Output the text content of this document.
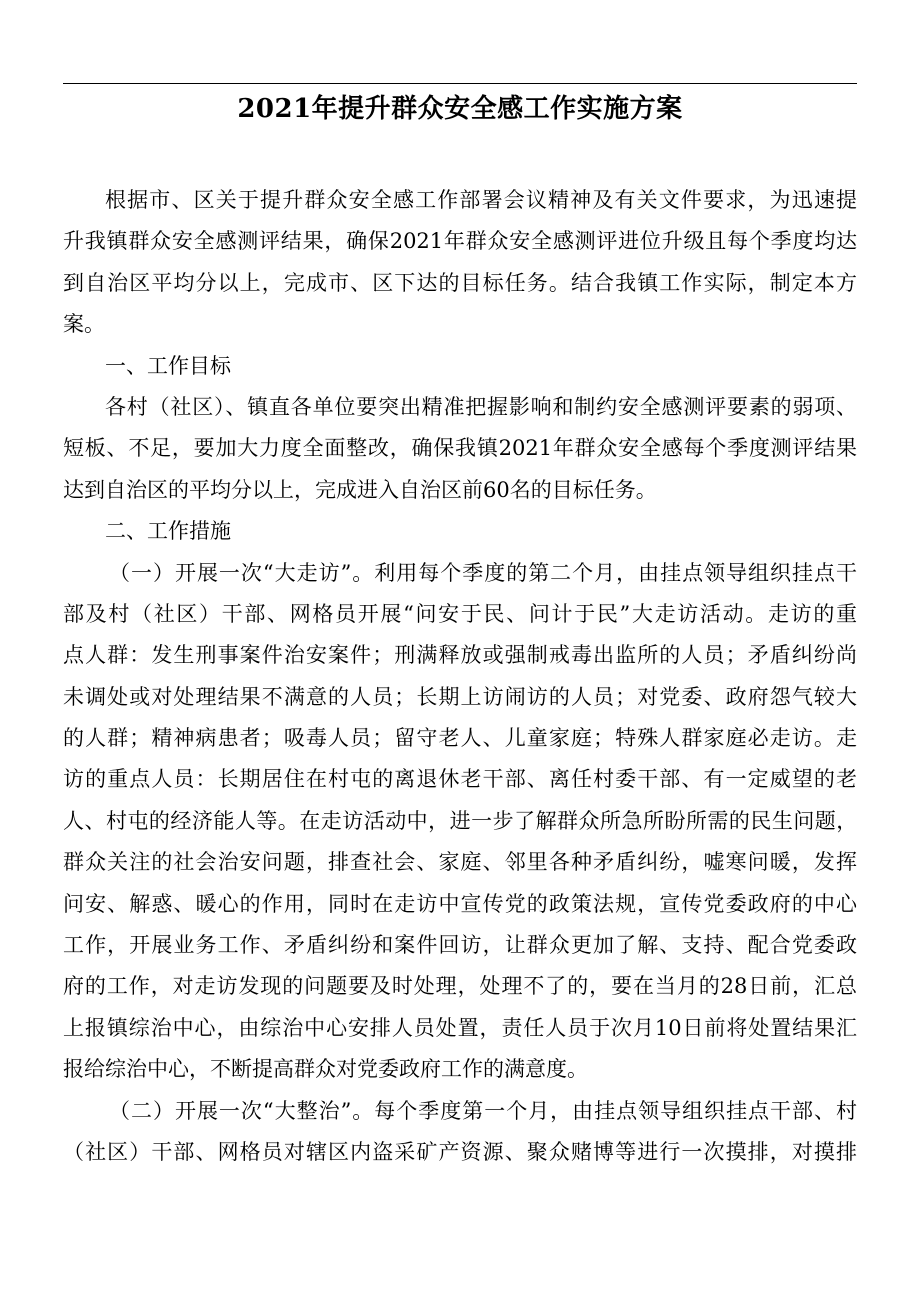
2021年提升群众安全感工作实施方案
根据市、区关于提升群众安全感工作部署会议精神及有关文件要求，为迅速提
升我镇群众安全感测评结果，确保2021年群众安全感测评进位升级且每个季度均达
到自治区平均分以上，完成市、区下达的目标任务。结合我镇工作实际，制定本方
案。
一、工作目标
各村（社区）、镇直各单位要突出精准把握影响和制约安全感测评要素的弱项、
短板、不足，要加大力度全面整改，确保我镇2021年群众安全感每个季度测评结果
达到自治区的平均分以上，完成进入自治区前60名的目标任务。
二、工作措施
（一）开展一次“大走访”。利用每个季度的第二个月，由挂点领导组织挂点干
部及村（社区）干部、网格员开展“问安于民、问计于民”大走访活动。走访的重
点人群：发生刑事案件治安案件；刑满释放或强制戒毒出监所的人员；矛盾纠纷尚
未调处或对处理结果不满意的人员；长期上访闹访的人员；对党委、政府怨气较大
的人群；精神病患者；吸毒人员；留守老人、儿童家庭；特殊人群家庭必走访。走
访的重点人员：长期居住在村屯的离退休老干部、离任村委干部、有一定威望的老
人、村屯的经济能人等。在走访活动中，进一步了解群众所急所盼所需的民生问题，
群众关注的社会治安问题，排查社会、家庭、邻里各种矛盾纠纷，嘘寒问暖，发挥
问安、解惑、暖心的作用，同时在走访中宣传党的政策法规，宣传党委政府的中心
工作，开展业务工作、矛盾纠纷和案件回访，让群众更加了解、支持、配合党委政
府的工作，对走访发现的问题要及时处理，处理不了的，要在当月的28日前，汇总
上报镇综治中心，由综治中心安排人员处置，责任人员于次月10日前将处置结果汇
报给综治中心，不断提高群众对党委政府工作的满意度。
（二）开展一次“大整治”。每个季度第一个月，由挂点领导组织挂点干部、村
（社区）干部、网格员对辖区内盗采矿产资源、聚众赌博等进行一次摸排，对摸排
